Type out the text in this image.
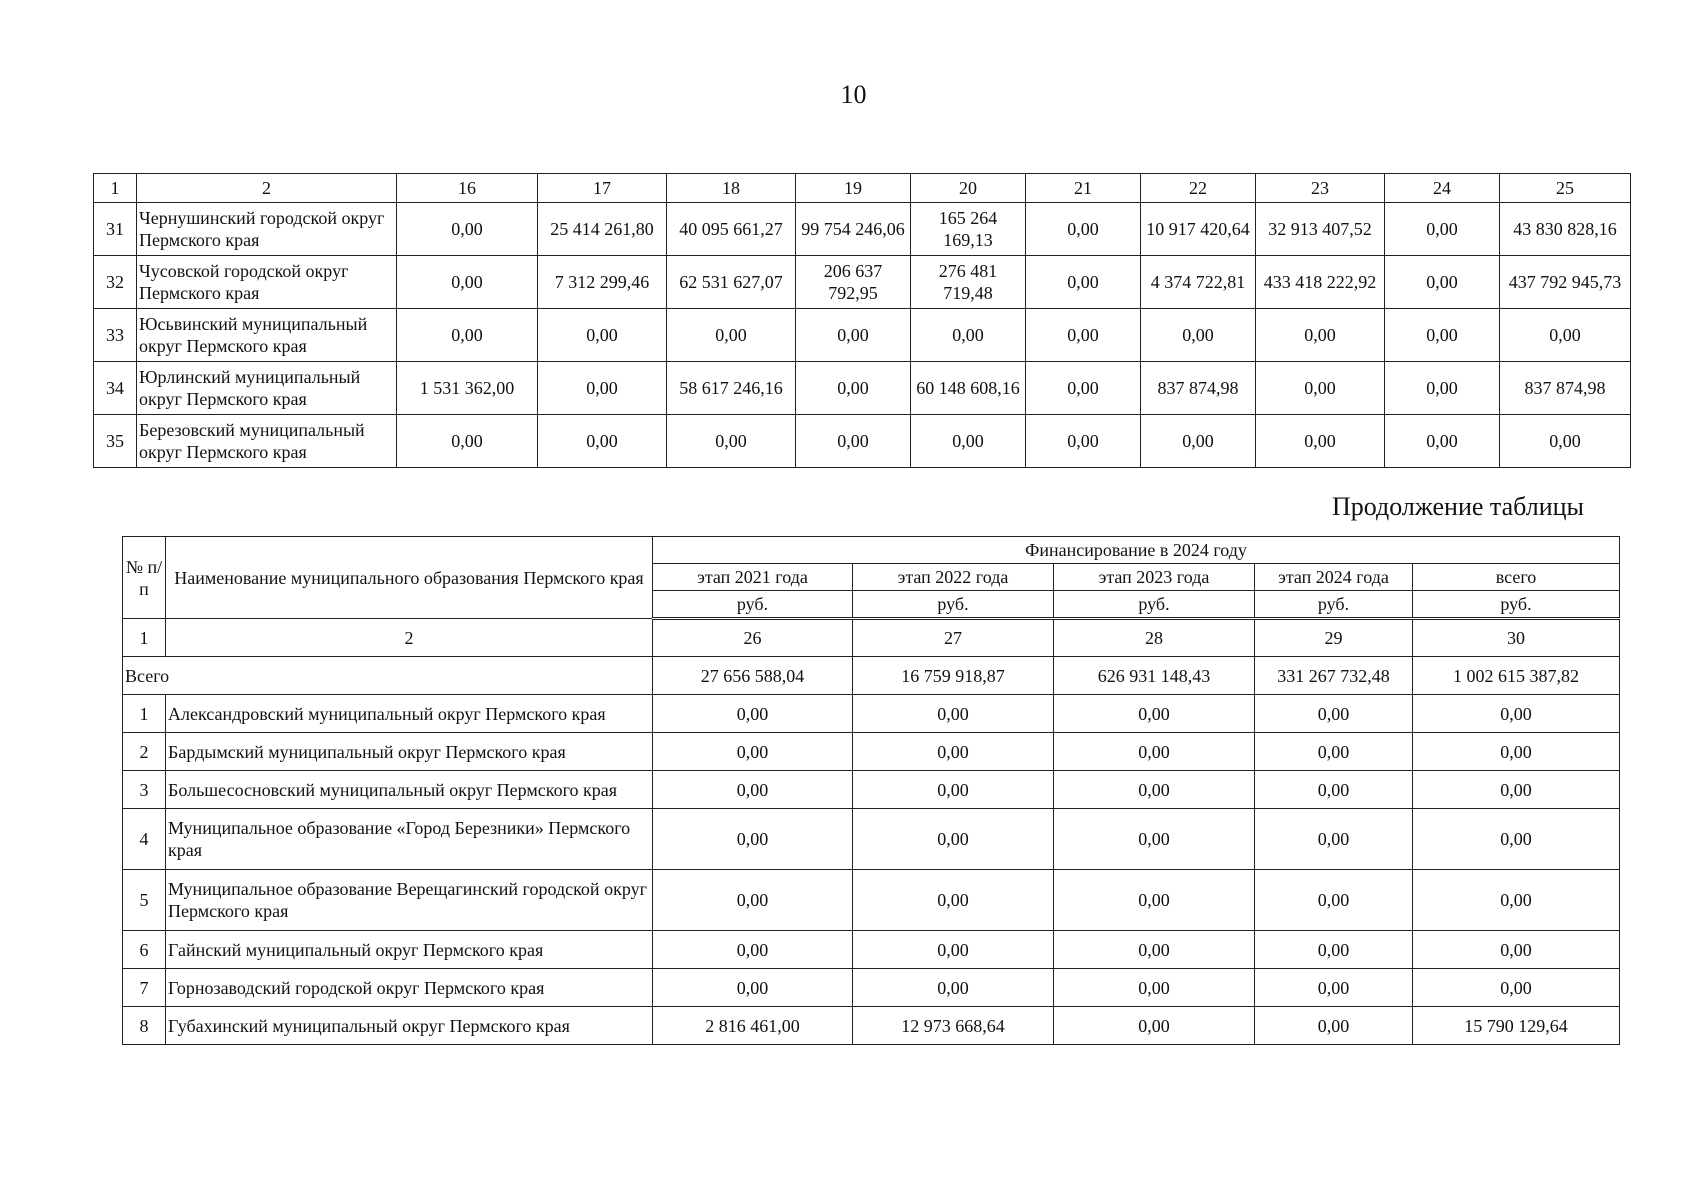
10
1	2	16	17	18	19	20	21	22	23	24	25
31	Чернушинский городской округ Пермского края	0,00	25 414 261,80	40 095 661,27	99 754 246,06	165 264 169,13	0,00	10 917 420,64	32 913 407,52	0,00	43 830 828,16
32	Чусовской городской округ Пермского края	0,00	7 312 299,46	62 531 627,07	206 637 792,95	276 481 719,48	0,00	4 374 722,81	433 418 222,92	0,00	437 792 945,73
33	Юсьвинский муниципальный округ Пермского края	0,00	0,00	0,00	0,00	0,00	0,00	0,00	0,00	0,00	0,00
34	Юрлинский муниципальный округ Пермского края	1 531 362,00	0,00	58 617 246,16	0,00	60 148 608,16	0,00	837 874,98	0,00	0,00	837 874,98
35	Березовский муниципальный округ Пермского края	0,00	0,00	0,00	0,00	0,00	0,00	0,00	0,00	0,00	0,00
Продолжение таблицы
№ п/п	Наименование муниципального образования Пермского края	Финансирование в 2024 году				
		этап 2021 года	этап 2022 года	этап 2023 года	этап 2024 года	всего
		руб.	руб.	руб.	руб.	руб.
1	2	26	27	28	29	30
Всего		27 656 588,04	16 759 918,87	626 931 148,43	331 267 732,48	1 002 615 387,82
1	Александровский муниципальный округ Пермского края	0,00	0,00	0,00	0,00	0,00
2	Бардымский муниципальный округ Пермского края	0,00	0,00	0,00	0,00	0,00
3	Большесосновский муниципальный округ Пермского края	0,00	0,00	0,00	0,00	0,00
4	Муниципальное образование «Город Березники» Пермского края	0,00	0,00	0,00	0,00	0,00
5	Муниципальное образование Верещагинский городской округ Пермского края	0,00	0,00	0,00	0,00	0,00
6	Гайнский муниципальный округ Пермского края	0,00	0,00	0,00	0,00	0,00
7	Горнозаводский городской округ Пермского края	0,00	0,00	0,00	0,00	0,00
8	Губахинский муниципальный округ Пермского края	2 816 461,00	12 973 668,64	0,00	0,00	15 790 129,64
